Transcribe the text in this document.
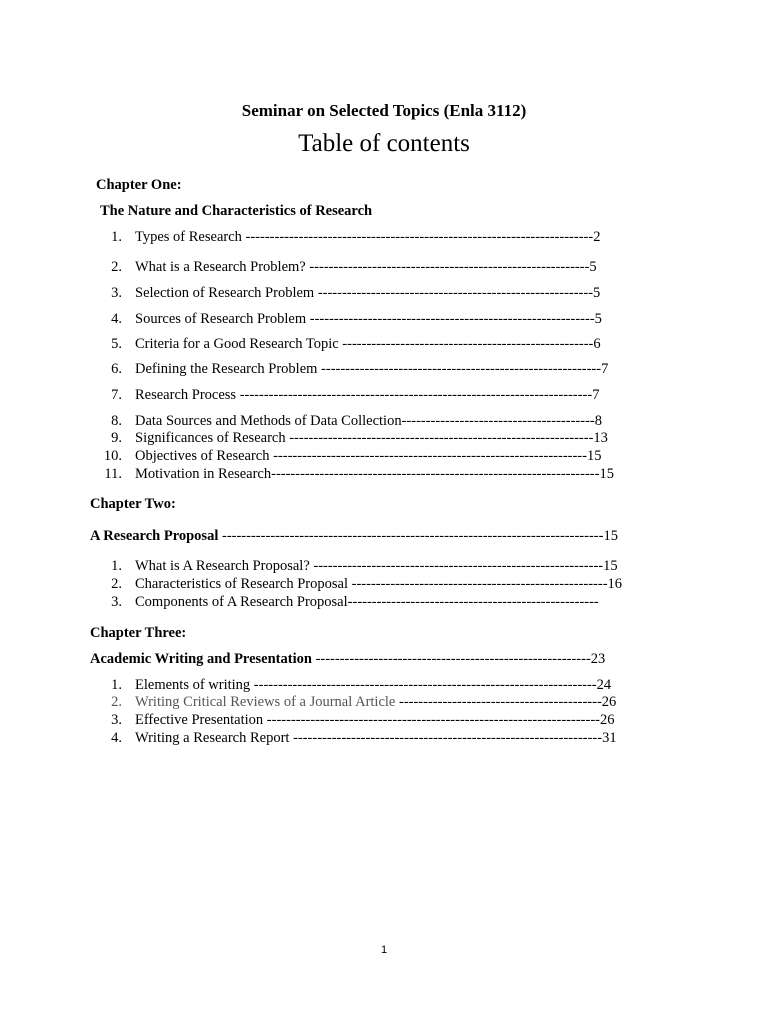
Seminar on Selected Topics (Enla 3112)
Table of contents
Chapter One:
The Nature and Characteristics of Research
1. Types of Research ------------------------------------------------------------------------2
2. What is a Research Problem? ----------------------------------------------------------5
3. Selection of Research Problem ---------------------------------------------------------5
4. Sources of Research Problem -----------------------------------------------------------5
5. Criteria for a Good Research Topic ----------------------------------------------------6
6. Defining the Research Problem ----------------------------------------------------------7
7. Research Process -------------------------------------------------------------------------7
8. Data Sources and Methods of Data Collection----------------------------------------8
9. Significances of Research ---------------------------------------------------------------13
10. Objectives of Research -----------------------------------------------------------------15
11. Motivation in Research--------------------------------------------------------------------15
Chapter Two:
A Research Proposal -------------------------------------------------------------------------------15
1. What is A Research Proposal? ------------------------------------------------------------15
2. Characteristics of Research Proposal -----------------------------------------------------16
3. Components of A Research Proposal----------------------------------------------------
Chapter Three:
Academic Writing and Presentation ---------------------------------------------------------23
1. Elements of writing -----------------------------------------------------------------------24
2. Writing Critical Reviews of a Journal Article ------------------------------------------26
3. Effective Presentation ---------------------------------------------------------------------26
4. Writing a Research Report ----------------------------------------------------------------31
1
